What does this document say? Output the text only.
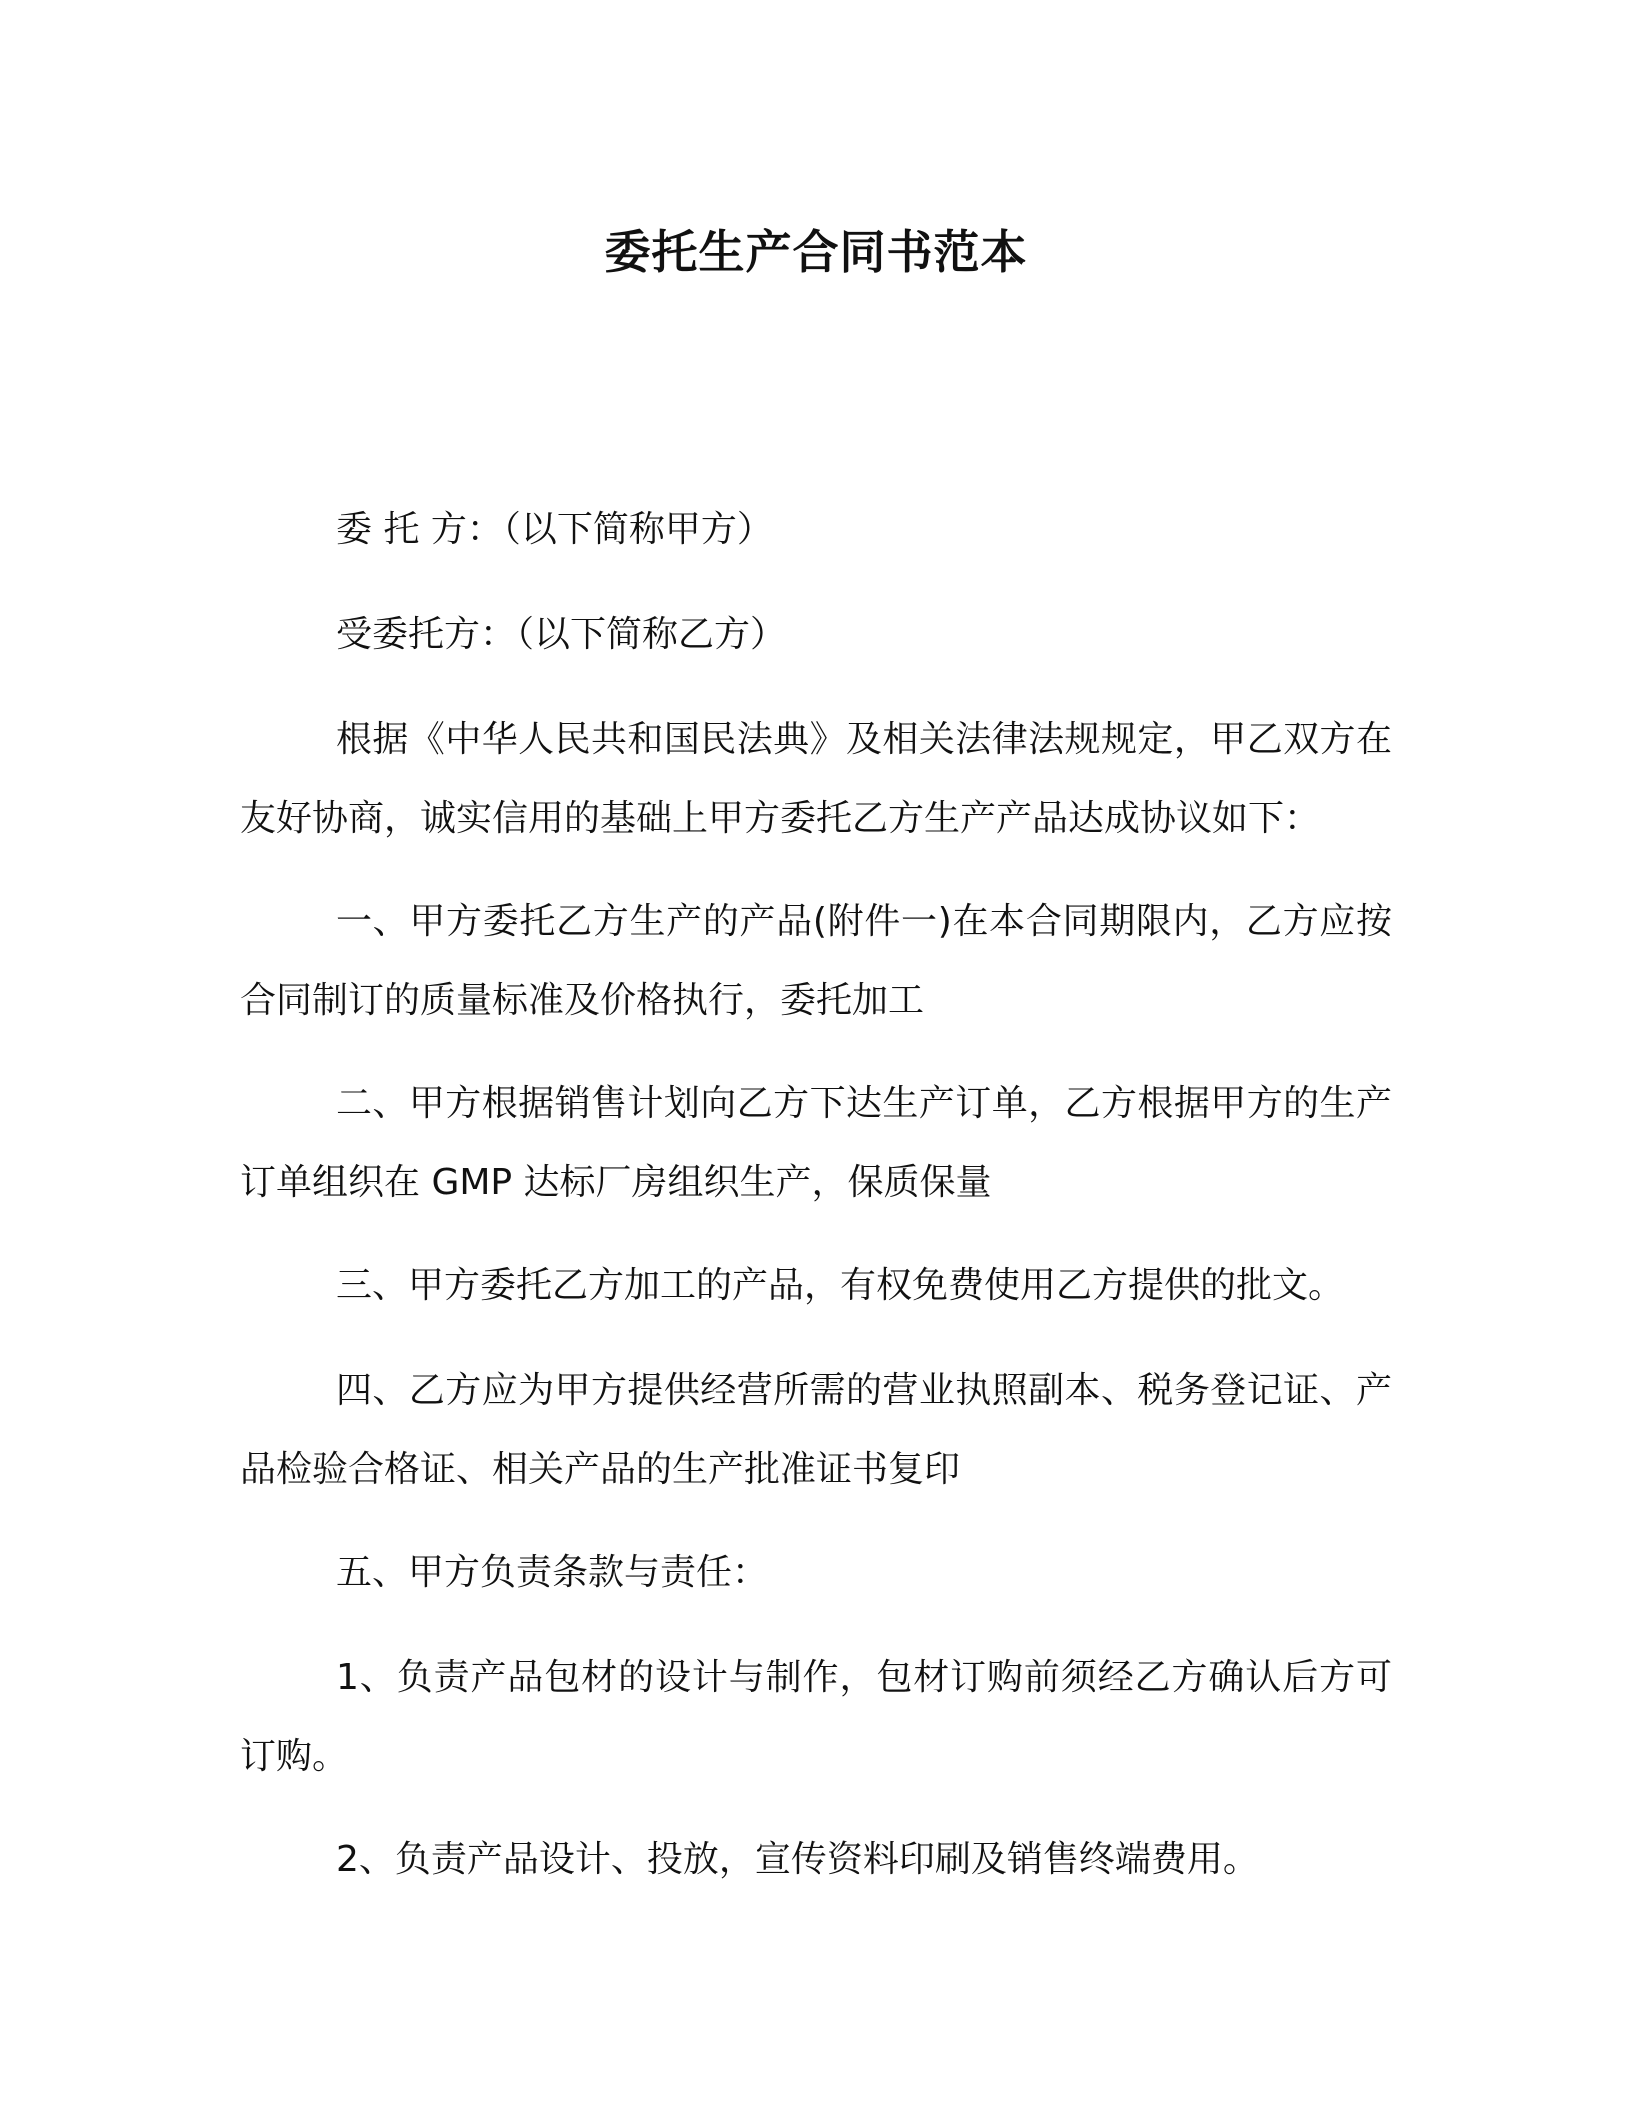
委托生产合同书范本

委 托 方：（以下简称甲方）

受委托方：（以下简称乙方）

根据《中华人民共和国民法典》及相关法律法规规定，甲乙双方在友好协商，诚实信用的基础上甲方委托乙方生产产品达成协议如下：

一、甲方委托乙方生产的产品(附件一)在本合同期限内，乙方应按合同制订的质量标准及价格执行，委托加工

二、甲方根据销售计划向乙方下达生产订单，乙方根据甲方的生产订单组织在 GMP 达标厂房组织生产，保质保量

三、甲方委托乙方加工的产品，有权免费使用乙方提供的批文。

四、乙方应为甲方提供经营所需的营业执照副本、税务登记证、产品检验合格证、相关产品的生产批准证书复印

五、甲方负责条款与责任：

1、负责产品包材的设计与制作，包材订购前须经乙方确认后方可订购。

2、负责产品设计、投放，宣传资料印刷及销售终端费用。
